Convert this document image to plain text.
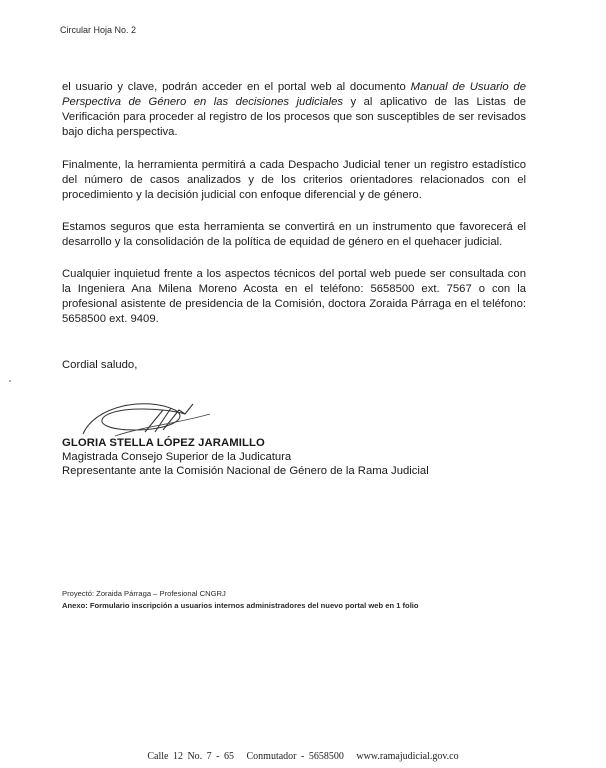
Circular Hoja No. 2
el usuario y clave, podrán acceder en el portal web al documento Manual de Usuario de Perspectiva de Género en las decisiones judiciales y al aplicativo de las Listas de Verificación para proceder al registro de los procesos que son susceptibles de ser revisados bajo dicha perspectiva.
Finalmente, la herramienta permitirá a cada Despacho Judicial tener un registro estadístico del número de casos analizados y de los criterios orientadores relacionados con el procedimiento y la decisión judicial con enfoque diferencial y de género.
Estamos seguros que esta herramienta se convertirá en un instrumento que favorecerá el desarrollo y la consolidación de la política de equidad de género en el quehacer judicial.
Cualquier inquietud frente a los aspectos técnicos del portal web puede ser consultada con la Ingeniera Ana Milena Moreno Acosta en el teléfono: 5658500 ext. 7567 o con la profesional asistente de presidencia de la Comisión, doctora Zoraida Párraga en el teléfono: 5658500 ext. 9409.
Cordial saludo,
GLORIA STELLA LÓPEZ JARAMILLO
Magistrada Consejo Superior de la Judicatura
Representante ante la Comisión Nacional de Género de la Rama Judicial
Proyectó: Zoraida Párraga – Profesional CNGRJ
Anexo: Formulario inscripción a usuarios internos administradores del nuevo portal web en 1 folio
Calle 12 No. 7 - 65 Conmutador - 5658500 www.ramajudicial.gov.co
